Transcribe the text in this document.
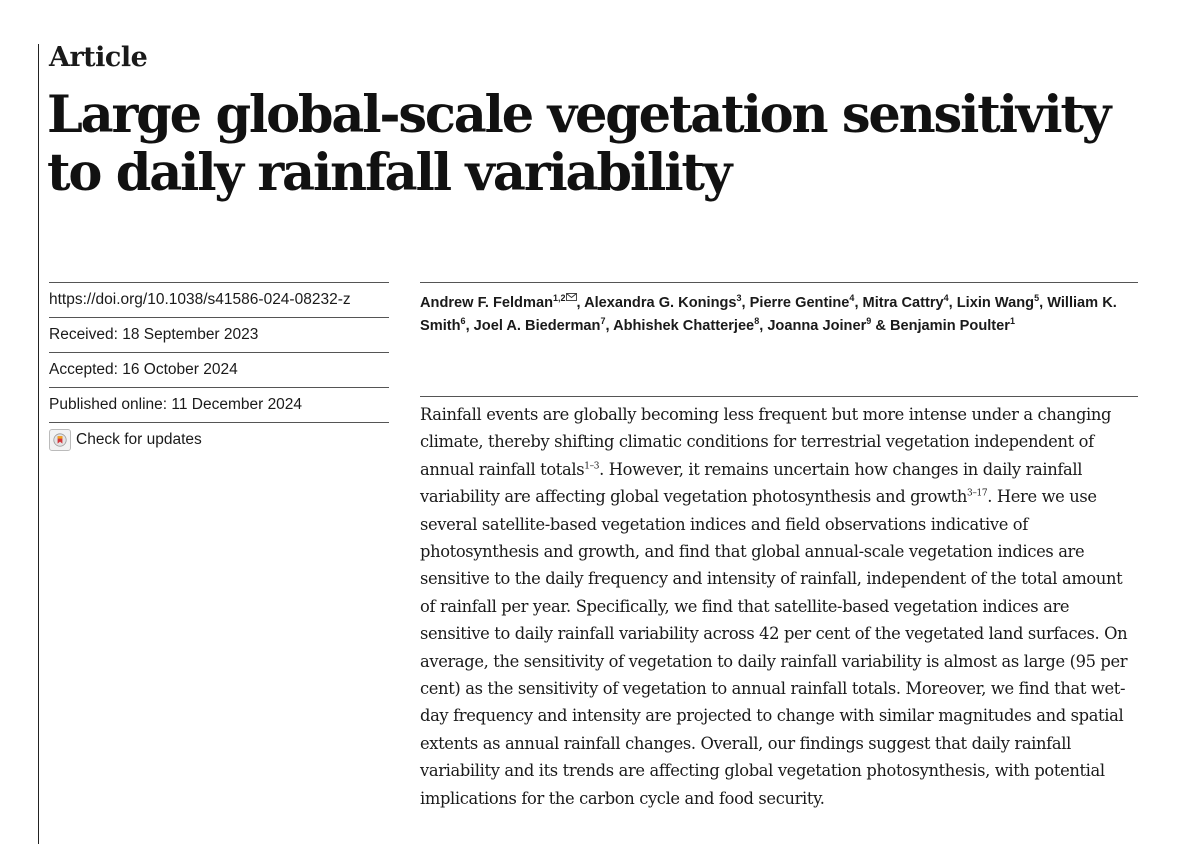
Article
Large global-scale vegetation sensitivity to daily rainfall variability
https://doi.org/10.1038/s41586-024-08232-z
Received: 18 September 2023
Accepted: 16 October 2024
Published online: 11 December 2024
Check for updates

Andrew F. Feldman$^{1,2}$ , Alexandra G. Konings$^3$, Pierre Gentine$^4$, Mitra Cattry$^4$, Lixin Wang$^5$, William K. Smith$^6$, Joel A. Biederman$^7$, Abhishek Chatterjee$^8$, Joanna Joiner$^9$ & Benjamin Poulter$^1$

Rainfall events are globally becoming less frequent but more intense under a changing climate, thereby shifting climatic conditions for terrestrial vegetation independent of annual rainfall totals$^{1-3}$. However, it remains uncertain how changes in daily rainfall variability are affecting global vegetation photosynthesis and growth$^{3-17}$. Here we use several satellite-based vegetation indices and field observations indicative of photosynthesis and growth, and find that global annual-scale vegetation indices are sensitive to the daily frequency and intensity of rainfall, independent of the total amount of rainfall per year. Specifically, we find that satellite-based vegetation indices are sensitive to daily rainfall variability across 42 per cent of the vegetated land surfaces. On average, the sensitivity of vegetation to daily rainfall variability is almost as large (95 per cent) as the sensitivity of vegetation to annual rainfall totals. Moreover, we find that wet-day frequency and intensity are projected to change with similar magnitudes and spatial extents as annual rainfall changes. Overall, our findings suggest that daily rainfall variability and its trends are affecting global vegetation photosynthesis, with potential implications for the carbon cycle and food security.
